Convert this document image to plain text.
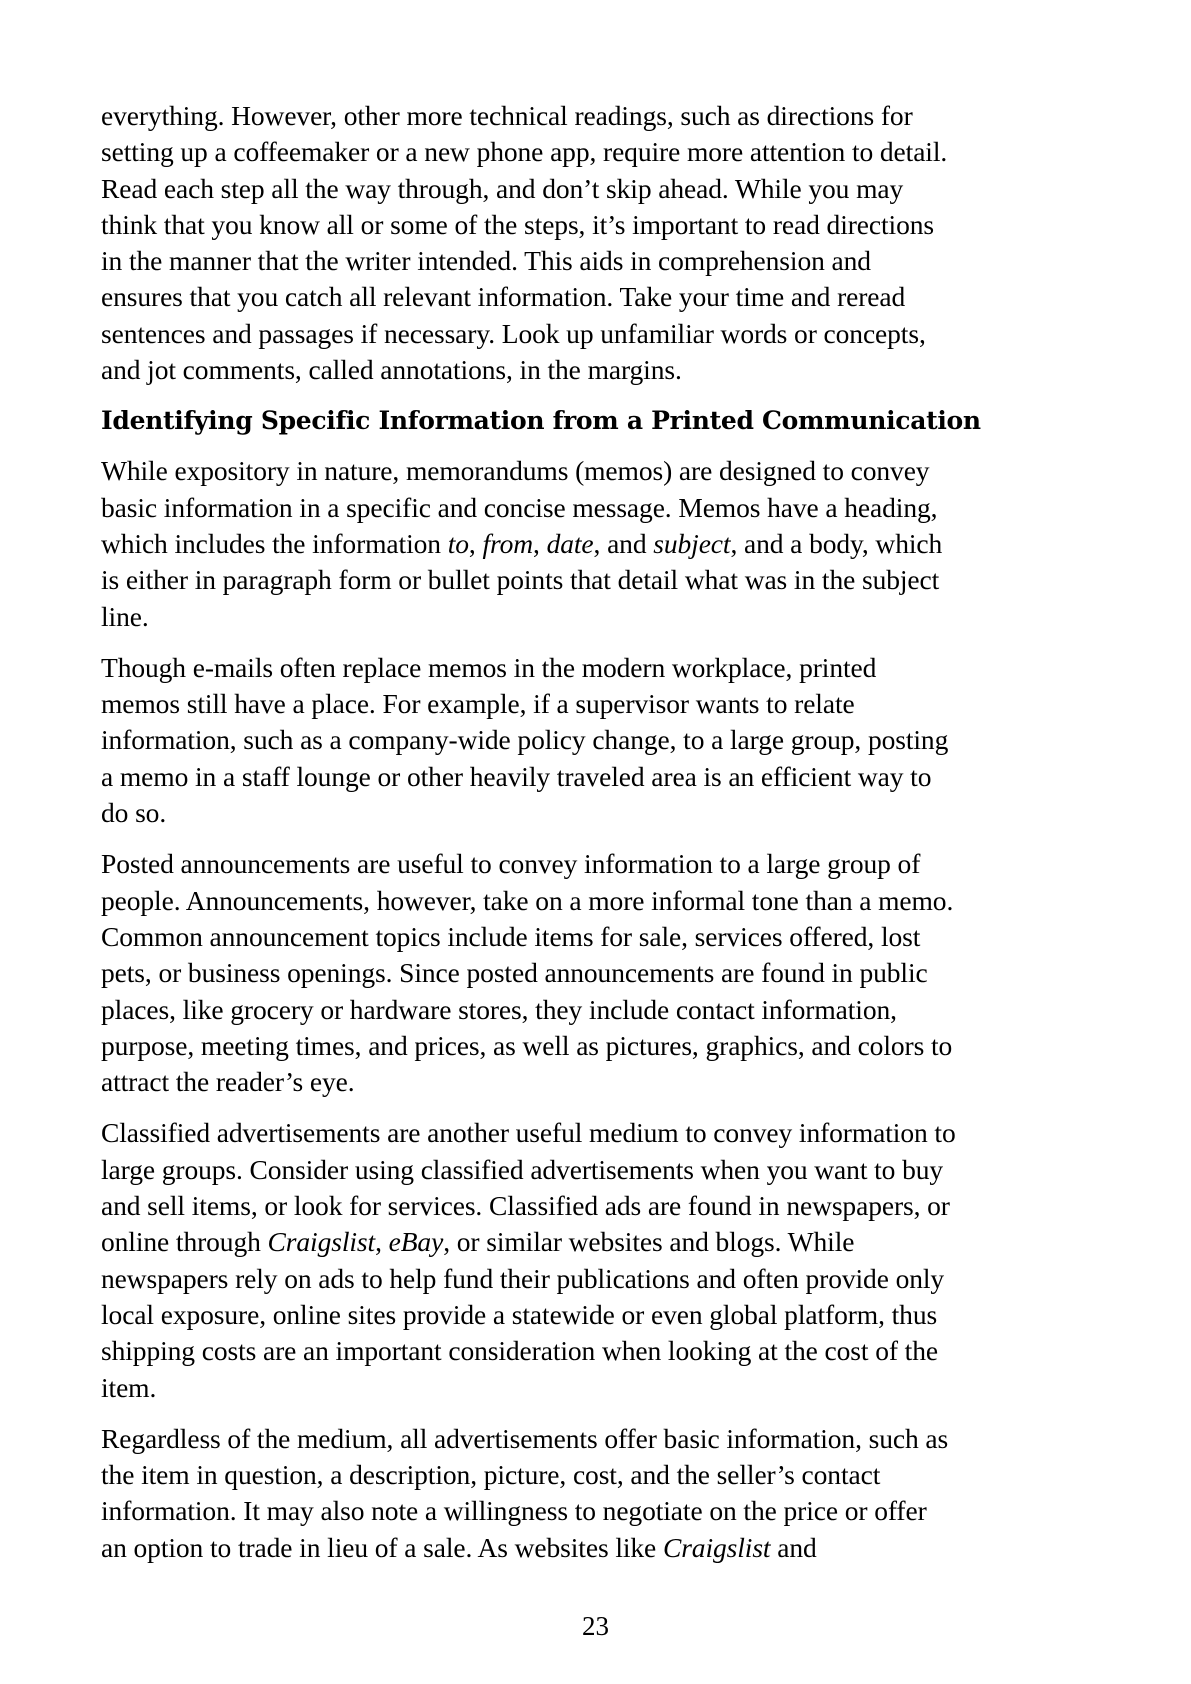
everything. However, other more technical readings, such as directions for
setting up a coffeemaker or a new phone app, require more attention to detail.
Read each step all the way through, and don’t skip ahead. While you may
think that you know all or some of the steps, it’s important to read directions
in the manner that the writer intended. This aids in comprehension and
ensures that you catch all relevant information. Take your time and reread
sentences and passages if necessary. Look up unfamiliar words or concepts,
and jot comments, called annotations, in the margins.

Identifying Specific Information from a Printed Communication

While expository in nature, memorandums (memos) are designed to convey
basic information in a specific and concise message. Memos have a heading,
which includes the information to, from, date, and subject, and a body, which
is either in paragraph form or bullet points that detail what was in the subject
line.

Though e-mails often replace memos in the modern workplace, printed
memos still have a place. For example, if a supervisor wants to relate
information, such as a company-wide policy change, to a large group, posting
a memo in a staff lounge or other heavily traveled area is an efficient way to
do so.

Posted announcements are useful to convey information to a large group of
people. Announcements, however, take on a more informal tone than a memo.
Common announcement topics include items for sale, services offered, lost
pets, or business openings. Since posted announcements are found in public
places, like grocery or hardware stores, they include contact information,
purpose, meeting times, and prices, as well as pictures, graphics, and colors to
attract the reader’s eye.

Classified advertisements are another useful medium to convey information to
large groups. Consider using classified advertisements when you want to buy
and sell items, or look for services. Classified ads are found in newspapers, or
online through Craigslist, eBay, or similar websites and blogs. While
newspapers rely on ads to help fund their publications and often provide only
local exposure, online sites provide a statewide or even global platform, thus
shipping costs are an important consideration when looking at the cost of the
item.

Regardless of the medium, all advertisements offer basic information, such as
the item in question, a description, picture, cost, and the seller’s contact
information. It may also note a willingness to negotiate on the price or offer
an option to trade in lieu of a sale. As websites like Craigslist and

23
